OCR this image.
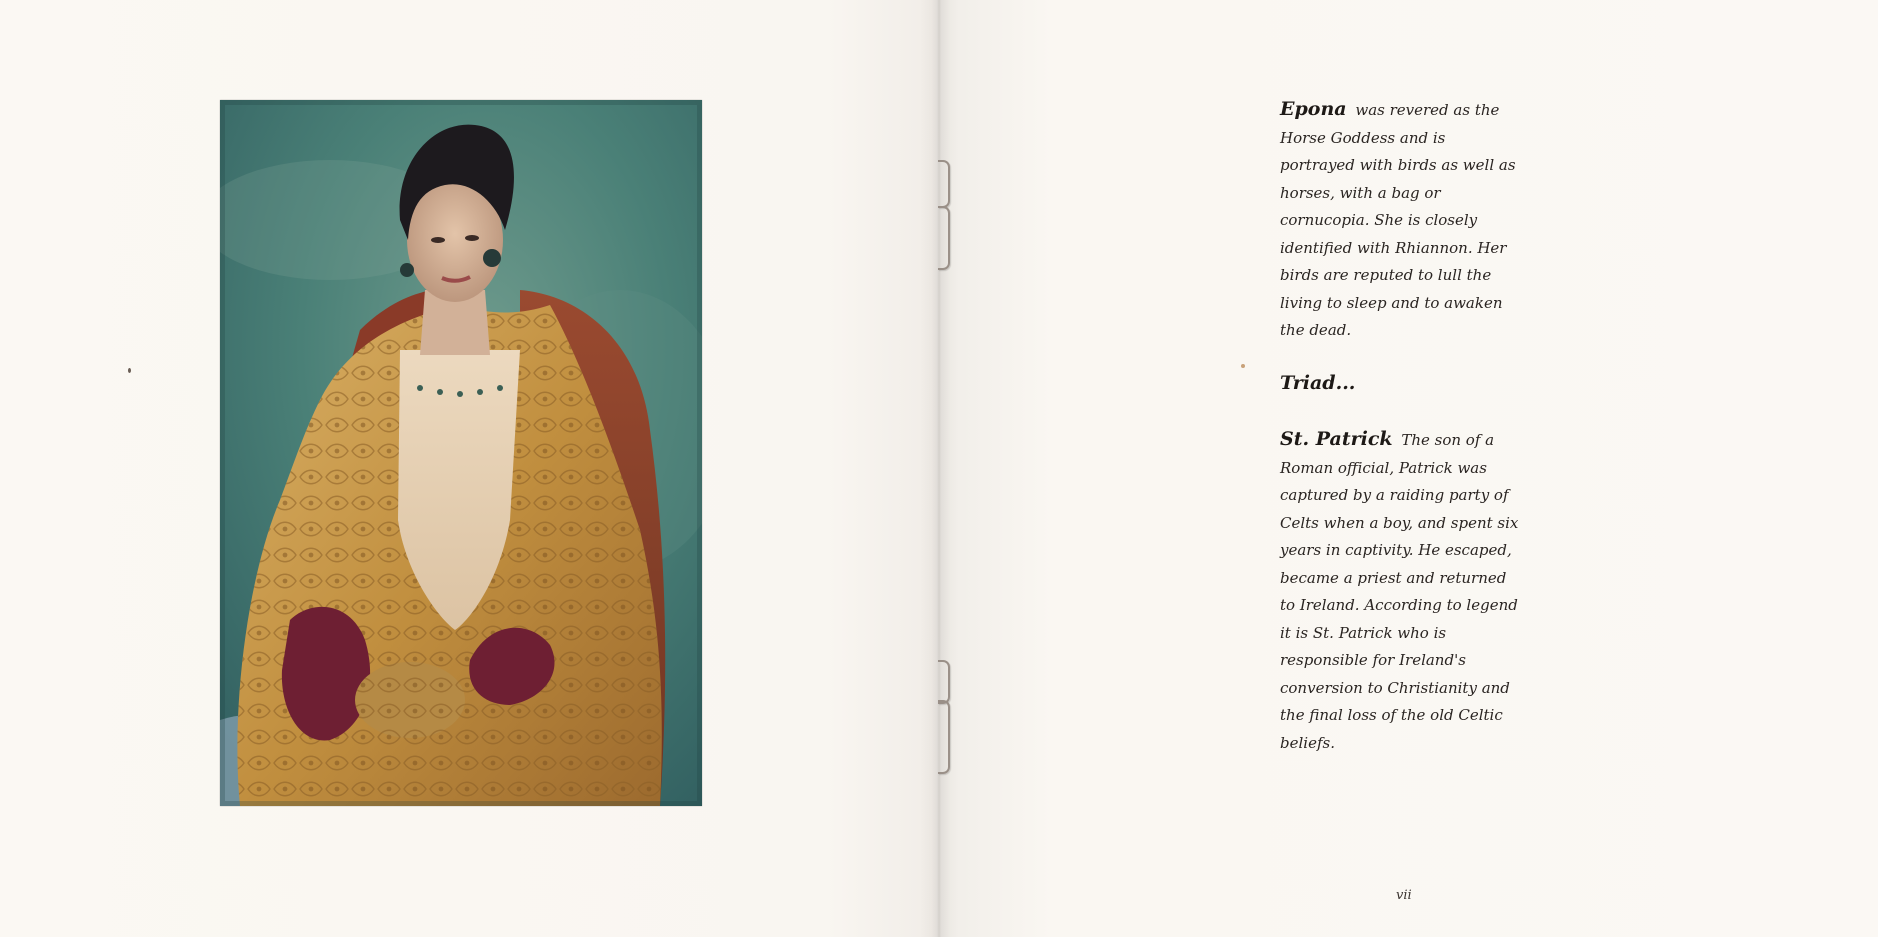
Epona was revered as the Horse Goddess and is portrayed with birds as well as horses, with a bag or cornucopia. She is closely identified with Rhiannon. Her birds are reputed to lull the living to sleep and to awaken the dead.

Triad...

St. Patrick The son of a Roman official, Patrick was captured by a raiding party of Celts when a boy, and spent six years in captivity. He escaped, became a priest and returned to Ireland. According to legend it is St. Patrick who is responsible for Ireland's conversion to Christianity and the final loss of the old Celtic beliefs.

vii
